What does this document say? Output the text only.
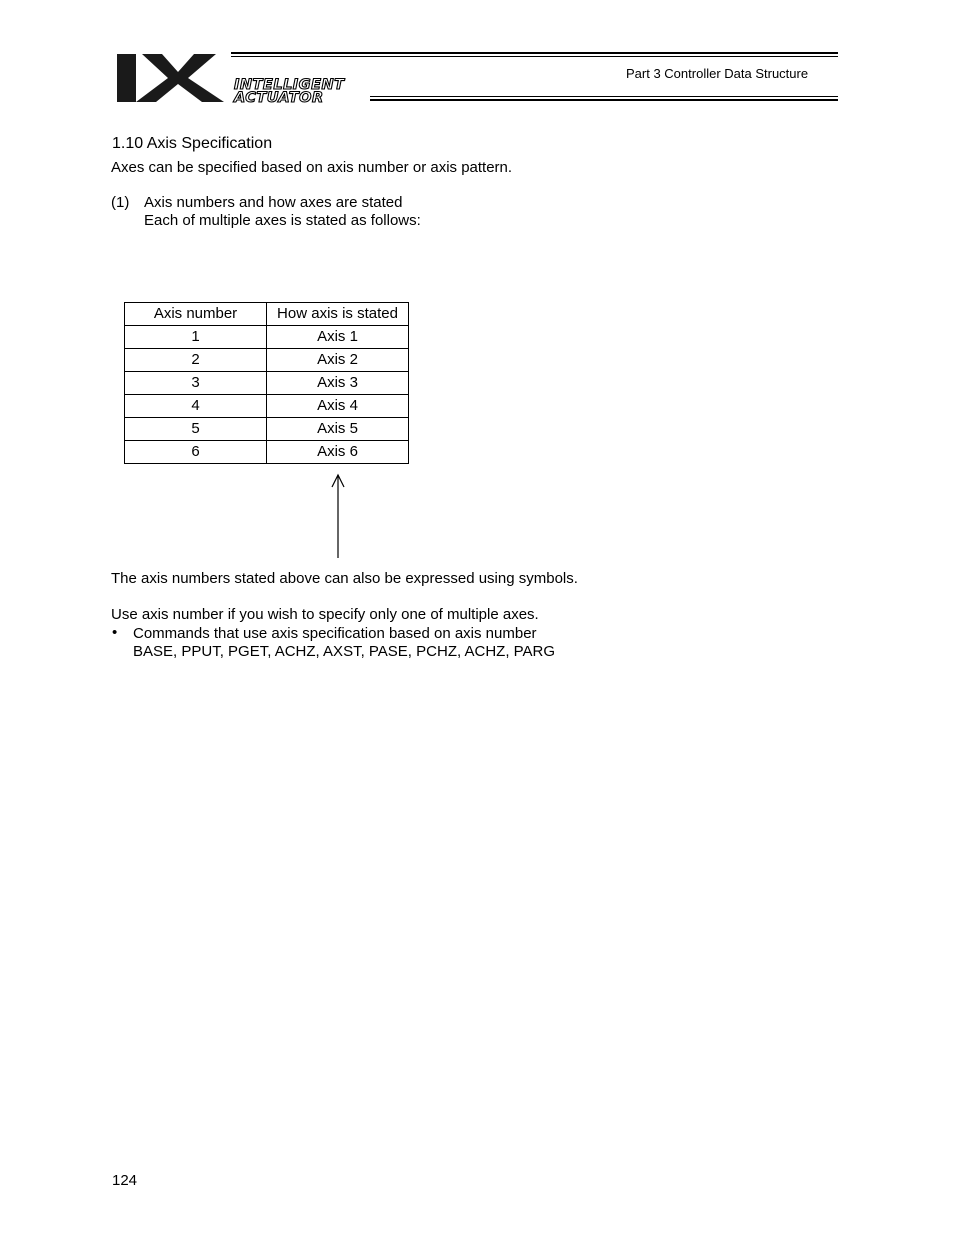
INTELLIGENT
ACTUATOR
Part 3 Controller Data Structure
1.10 Axis Specification
Axes can be specified based on axis number or axis pattern.
(1) Axis numbers and how axes are stated
Each of multiple axes is stated as follows:
Axis number	How axis is stated
1	Axis 1
2	Axis 2
3	Axis 3
4	Axis 4
5	Axis 5
6	Axis 6
The axis numbers stated above can also be expressed using symbols.
Use axis number if you wish to specify only one of multiple axes.
• Commands that use axis specification based on axis number
BASE, PPUT, PGET, ACHZ, AXST, PASE, PCHZ, ACHZ, PARG
124
